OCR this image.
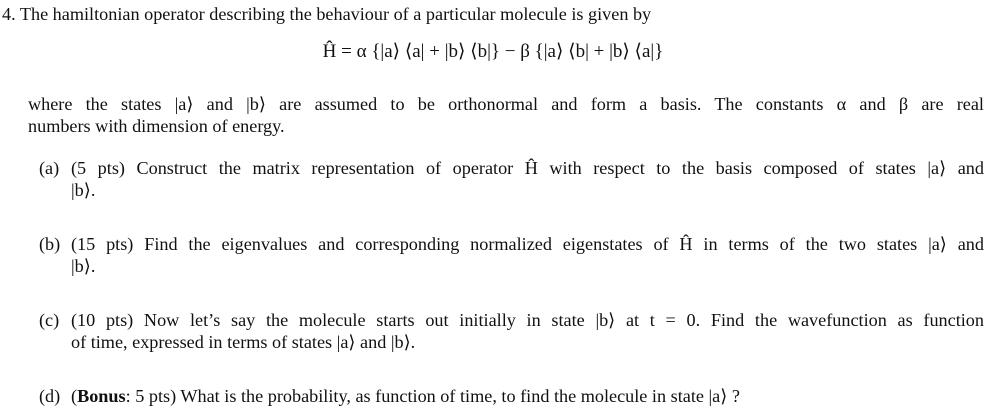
4. The hamiltonian operator describing the behaviour of a particular molecule is given by
Ĥ = α {|a⟩ ⟨a| + |b⟩ ⟨b|} − β {|a⟩ ⟨b| + |b⟩ ⟨a|}
where the states |a⟩ and |b⟩ are assumed to be orthonormal and form a basis. The constants α and β are real
numbers with dimension of energy.
(a) (5 pts) Construct the matrix representation of operator Ĥ with respect to the basis composed of states |a⟩ and
|b⟩.
(b) (15 pts) Find the eigenvalues and corresponding normalized eigenstates of Ĥ in terms of the two states |a⟩ and
|b⟩.
(c) (10 pts) Now let’s say the molecule starts out initially in state |b⟩ at t = 0. Find the wavefunction as function
of time, expressed in terms of states |a⟩ and |b⟩.
(d) (Bonus: 5 pts) What is the probability, as function of time, to find the molecule in state |a⟩ ?
